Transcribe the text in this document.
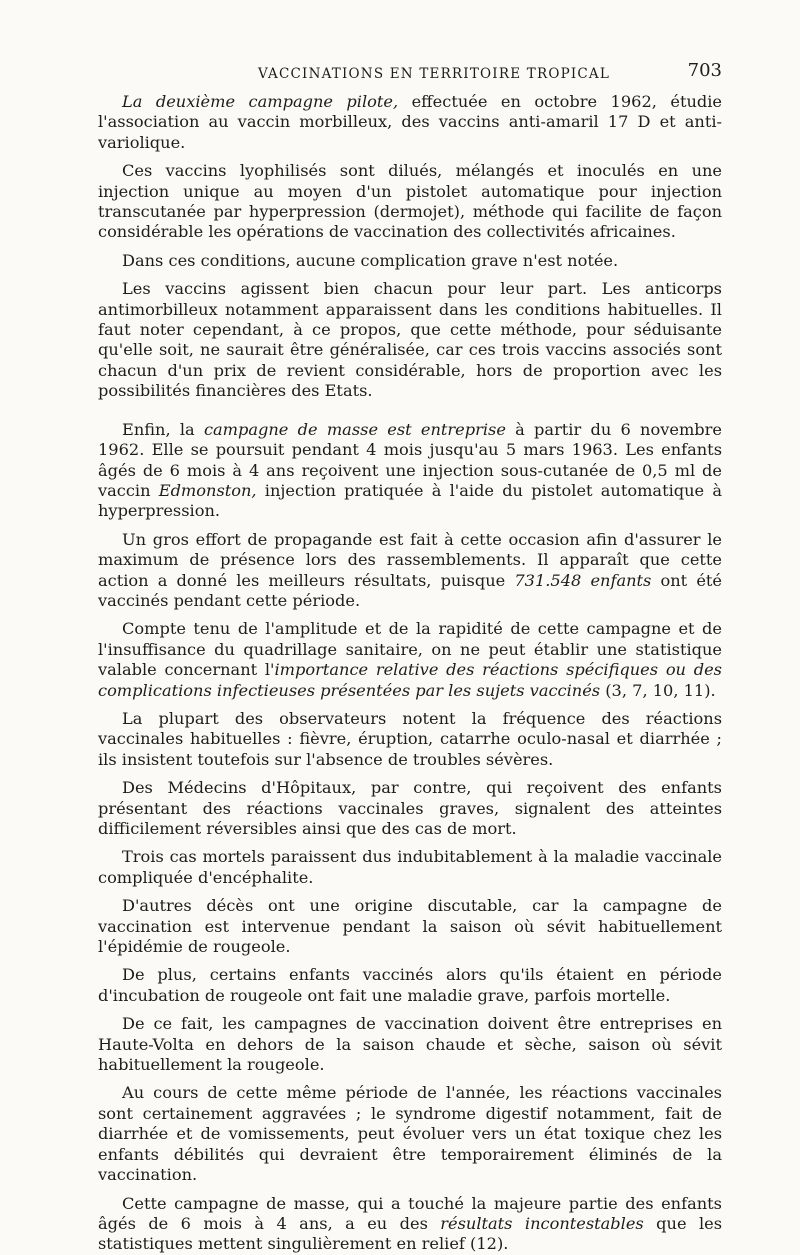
VACCINATIONS EN TERRITOIRE TROPICAL	703

La deuxième campagne pilote, effectuée en octobre 1962, étudie l'association au vaccin morbilleux, des vaccins anti-amaril 17 D et anti-variolique.

Ces vaccins lyophilisés sont dilués, mélangés et inoculés en une injection unique au moyen d'un pistolet automatique pour injection transcutanée par hyperpression (dermojet), méthode qui facilite de façon considérable les opérations de vaccination des collectivités africaines.

Dans ces conditions, aucune complication grave n'est notée.

Les vaccins agissent bien chacun pour leur part. Les anticorps antimorbilleux notamment apparaissent dans les conditions habituelles. Il faut noter cependant, à ce propos, que cette méthode, pour séduisante qu'elle soit, ne saurait être généralisée, car ces trois vaccins associés sont chacun d'un prix de revient considérable, hors de proportion avec les possibilités financières des Etats.

Enfin, la campagne de masse est entreprise à partir du 6 novembre 1962. Elle se poursuit pendant 4 mois jusqu'au 5 mars 1963. Les enfants âgés de 6 mois à 4 ans reçoivent une injection sous-cutanée de 0,5 ml de vaccin Edmonston, injection pratiquée à l'aide du pistolet automatique à hyperpression.

Un gros effort de propagande est fait à cette occasion afin d'assurer le maximum de présence lors des rassemblements. Il apparaît que cette action a donné les meilleurs résultats, puisque 731.548 enfants ont été vaccinés pendant cette période.

Compte tenu de l'amplitude et de la rapidité de cette campagne et de l'insuffisance du quadrillage sanitaire, on ne peut établir une statistique valable concernant l'importance relative des réactions spécifiques ou des complications infectieuses présentées par les sujets vaccinés (3, 7, 10, 11).

La plupart des observateurs notent la fréquence des réactions vaccinales habituelles : fièvre, éruption, catarrhe oculo-nasal et diarrhée ; ils insistent toutefois sur l'absence de troubles sévères.

Des Médecins d'Hôpitaux, par contre, qui reçoivent des enfants présentant des réactions vaccinales graves, signalent des atteintes difficilement réversibles ainsi que des cas de mort.

Trois cas mortels paraissent dus indubitablement à la maladie vaccinale compliquée d'encéphalite.

D'autres décès ont une origine discutable, car la campagne de vaccination est intervenue pendant la saison où sévit habituellement l'épidémie de rougeole.

De plus, certains enfants vaccinés alors qu'ils étaient en période d'incubation de rougeole ont fait une maladie grave, parfois mortelle.

De ce fait, les campagnes de vaccination doivent être entreprises en Haute-Volta en dehors de la saison chaude et sèche, saison où sévit habituellement la rougeole.

Au cours de cette même période de l'année, les réactions vaccinales sont certainement aggravées ; le syndrome digestif notamment, fait de diarrhée et de vomissements, peut évoluer vers un état toxique chez les enfants débilités qui devraient être temporairement éliminés de la vaccination.

Cette campagne de masse, qui a touché la majeure partie des enfants âgés de 6 mois à 4 ans, a eu des résultats incontestables que les statistiques mettent singulièrement en relief (12).
